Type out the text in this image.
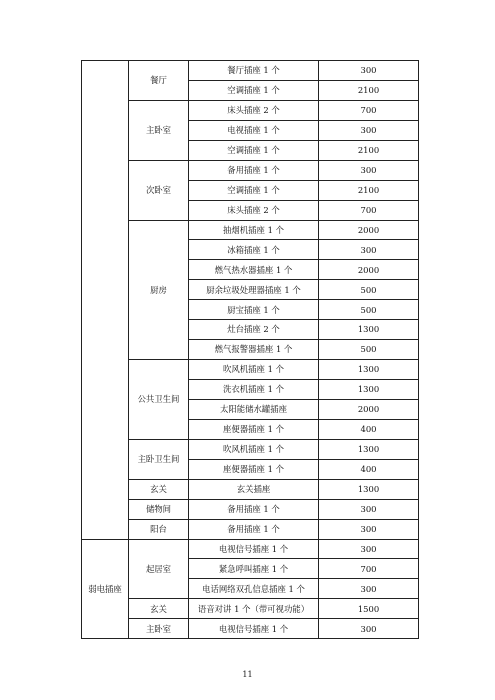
	餐厅	餐厅插座 1 个	300
		空调插座 1 个	2100
	主卧室	床头插座 2 个	700
		电视插座 1 个	300
		空调插座 1 个	2100
	次卧室	备用插座 1 个	300
		空调插座 1 个	2100
		床头插座 2 个	700
	厨房	抽烟机插座 1 个	2000
		冰箱插座 1 个	300
		燃气热水器插座 1 个	2000
		厨余垃圾处理器插座 1 个	500
		厨宝插座 1 个	500
		灶台插座 2 个	1300
		燃气报警器插座 1 个	500
	公共卫生间	吹风机插座 1 个	1300
		洗衣机插座 1 个	1300
		太阳能储水罐插座	2000
		座便器插座 1 个	400
	主卧卫生间	吹风机插座 1 个	1300
		座便器插座 1 个	400
	玄关	玄关插座	1300
	储物间	备用插座 1 个	300
	阳台	备用插座 1 个	300
弱电插座	起居室	电视信号插座 1 个	300
		紧急呼叫插座 1 个	700
		电话网络双孔信息插座 1 个	300
	玄关	语音对讲 1 个（带可视功能）	1500
	主卧室	电视信号插座 1 个	300
11
